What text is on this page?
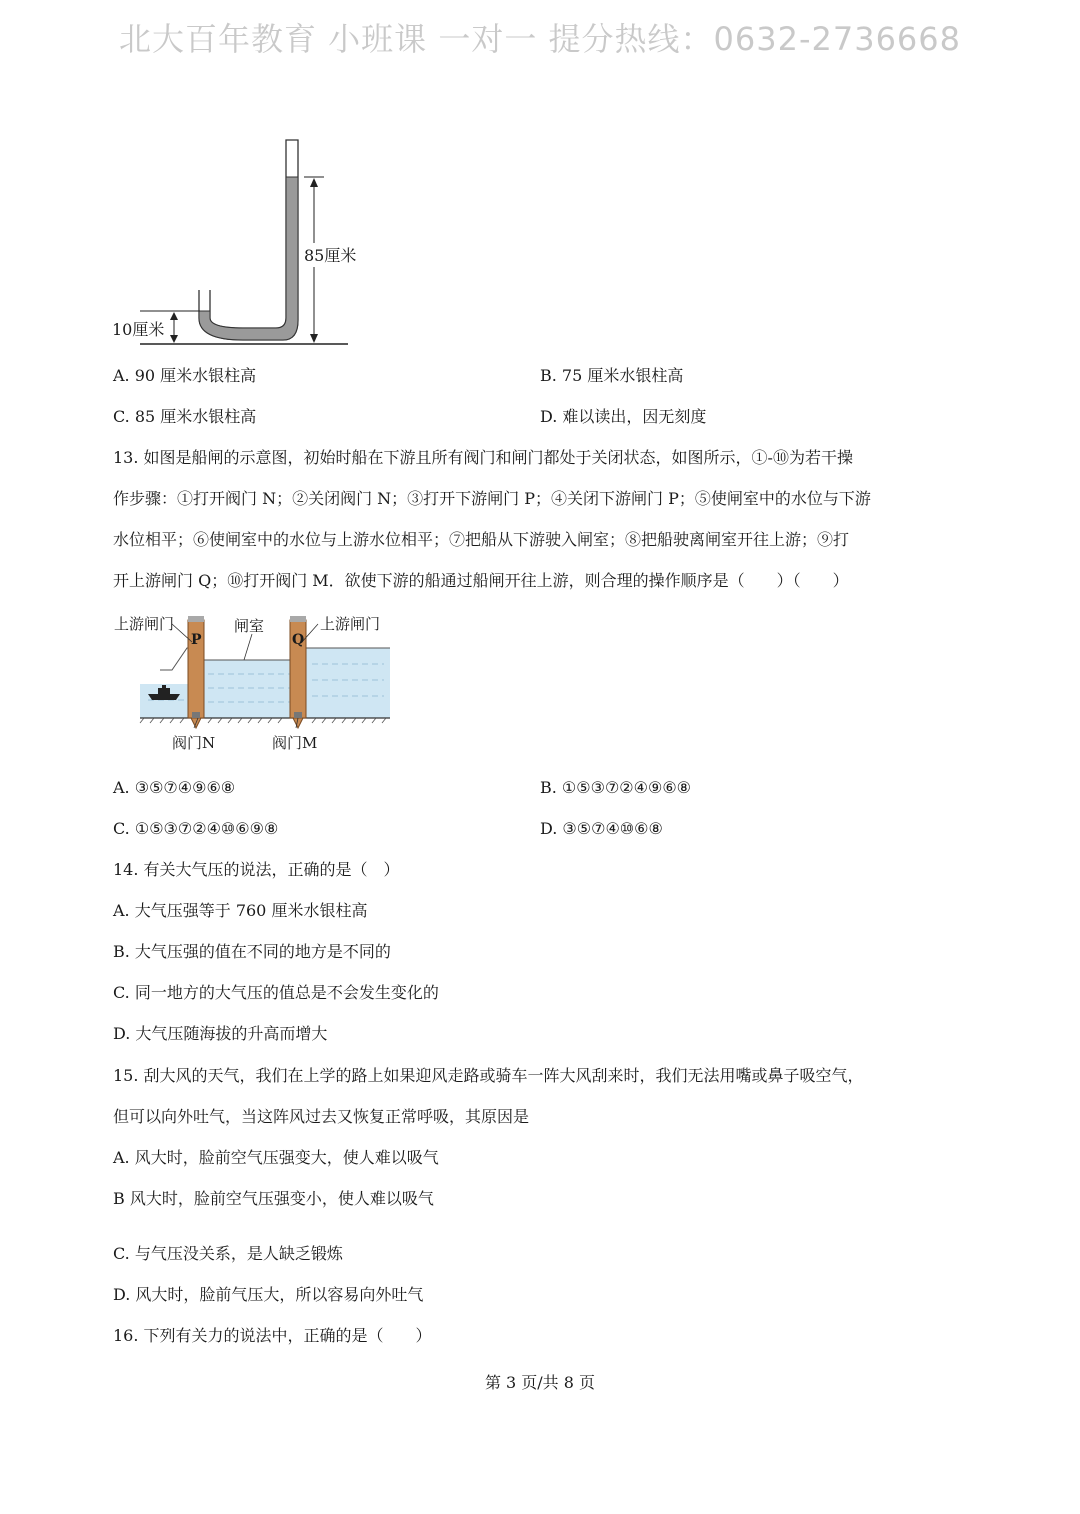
北大百年教育 小班课 一对一 提分热线：0632-2736668
85厘米
10厘米
A. 90 厘米水银柱高	B. 75 厘米水银柱高
C. 85 厘米水银柱高	D. 难以读出，因无刻度
13. 如图是船闸的示意图，初始时船在下游且所有阀门和闸门都处于关闭状态，如图所示，①-⑩为若干操
作步骤：①打开阀门 N；②关闭阀门 N；③打开下游闸门 P；④关闭下游闸门 P；⑤使闸室中的水位与下游
水位相平；⑥使闸室中的水位与上游水位相平；⑦把船从下游驶入闸室；⑧把船驶离闸室开往上游；⑨打
开上游闸门 Q；⑩打开阀门 M．欲使下游的船通过船闸开往上游，则合理的操作顺序是（　　）（　　）
上游闸门	闸室	上游闸门
P	Q
阀门N	阀门M
A. ③⑤⑦④⑨⑥⑧	B. ①⑤③⑦②④⑨⑥⑧
C. ①⑤③⑦②④⑩⑥⑨⑧	D. ③⑤⑦④⑩⑥⑧
14. 有关大气压的说法，正确的是（　）
A. 大气压强等于 760 厘米水银柱高
B. 大气压强的值在不同的地方是不同的
C. 同一地方的大气压的值总是不会发生变化的
D. 大气压随海拔的升高而增大
15. 刮大风的天气，我们在上学的路上如果迎风走路或骑车一阵大风刮来时，我们无法用嘴或鼻子吸空气，
但可以向外吐气，当这阵风过去又恢复正常呼吸，其原因是
A. 风大时，脸前空气压强变大，使人难以吸气
B 风大时，脸前空气压强变小，使人难以吸气
C. 与气压没关系，是人缺乏锻炼
D. 风大时，脸前气压大，所以容易向外吐气
16. 下列有关力的说法中，正确的是（　　）
第 3 页/共 8 页
